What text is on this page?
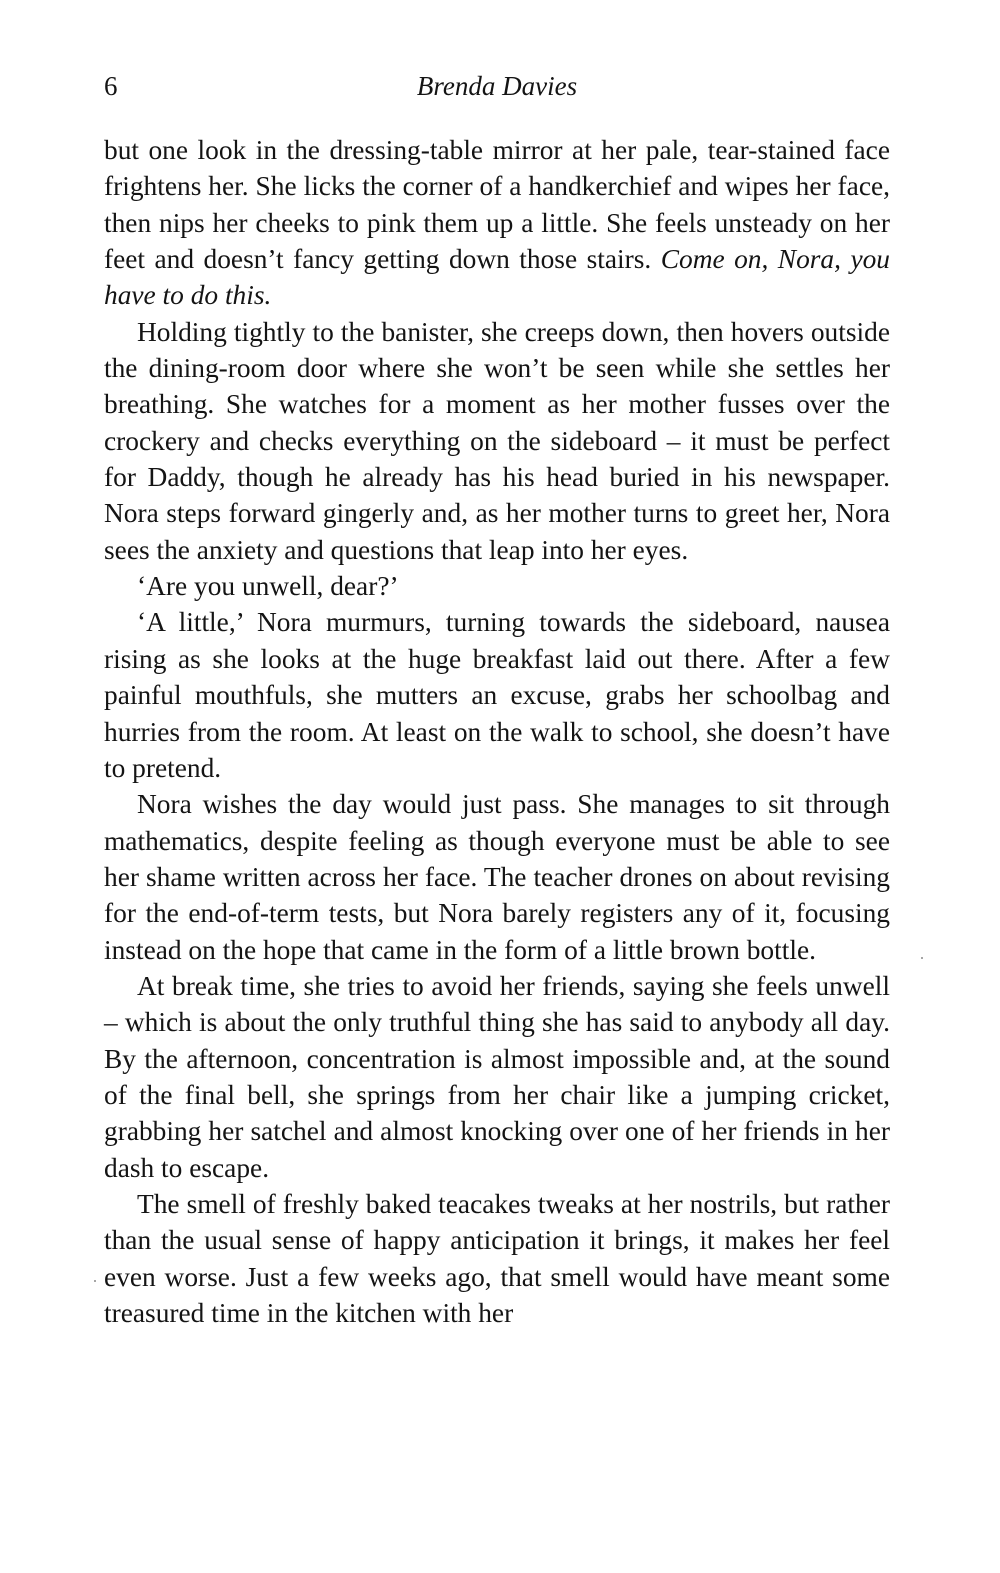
6	Brenda Davies

but one look in the dressing-table mirror at her pale, tear-stained face frightens her. She licks the corner of a handkerchief and wipes her face, then nips her cheeks to pink them up a little. She feels unsteady on her feet and doesn’t fancy getting down those stairs. Come on, Nora, you have to do this.

Holding tightly to the banister, she creeps down, then hovers outside the dining-room door where she won’t be seen while she settles her breathing. She watches for a moment as her mother fusses over the crockery and checks everything on the sideboard – it must be perfect for Daddy, though he already has his head buried in his newspaper. Nora steps forward gingerly and, as her mother turns to greet her, Nora sees the anxiety and questions that leap into her eyes.

‘Are you unwell, dear?’

‘A little,’ Nora murmurs, turning towards the sideboard, nausea rising as she looks at the huge breakfast laid out there. After a few painful mouthfuls, she mutters an excuse, grabs her schoolbag and hurries from the room. At least on the walk to school, she doesn’t have to pretend.

Nora wishes the day would just pass. She manages to sit through mathematics, despite feeling as though everyone must be able to see her shame written across her face. The teacher drones on about revising for the end-of-term tests, but Nora barely registers any of it, focusing instead on the hope that came in the form of a little brown bottle.

At break time, she tries to avoid her friends, saying she feels unwell – which is about the only truthful thing she has said to anybody all day. By the afternoon, concentration is almost impossible and, at the sound of the final bell, she springs from her chair like a jumping cricket, grabbing her satchel and almost knocking over one of her friends in her dash to escape.

The smell of freshly baked teacakes tweaks at her nostrils, but rather than the usual sense of happy anticipation it brings, it makes her feel even worse. Just a few weeks ago, that smell would have meant some treasured time in the kitchen with her
